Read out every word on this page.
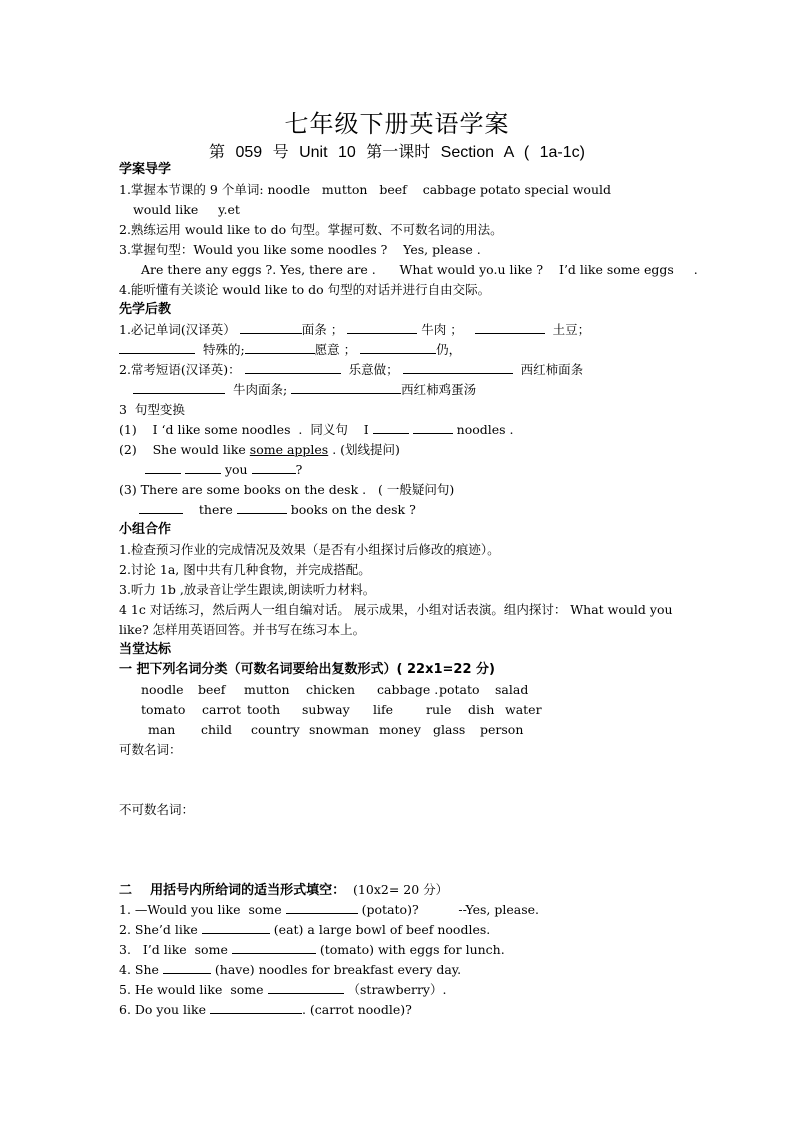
七年级下册英语学案
第 059 号 Unit 10 第一课时 Section A ( 1a-1c)
学案导学
1.掌握本节课的 9 个单词: noodle   mutton   beef    cabbage potato special would
would like     y.et
2.熟练运用 would like to do 句型。掌握可数、不可数名词的用法。
3.掌握句型：Would you like some noodles ?    Yes, please .
Are there any eggs ?. Yes, there are .      What would yo.u like ?    I’d like some eggs     .
4.能听懂有关谈论 would like to do 句型的对话并进行自由交际。
先学后教
1.必记单词(汉译英）	面条 ；	牛肉 ；	土豆；
特殊的;	愿意 ；	仍，
2.常考短语(汉译英)：	乐意做；	西红柿面条
牛肉面条;	西红柿鸡蛋汤
3  句型变换
(1)    I ‘d like some noodles  .  同义句    I	noodles .
(2)    She would like some apples . (划线提问)
you	?
(3) There are some books on the desk .   ( 一般疑问句)
there	books on the desk ?
小组合作
1.检查预习作业的完成情况及效果（是否有小组探讨后修改的痕迹）。
2.讨论 1a, 图中共有几种食物，并完成搭配。
3.听力 1b ,放录音让学生跟读,朗读听力材料。
4 1c 对话练习，然后两人一组自编对话。 展示成果，小组对话表演。组内探讨： What would you like? 怎样用英语回答。并书写在练习本上。
当堂达标
一 把下列名词分类（可数名词要给出复数形式）( 22x1=22 分)
noodle beef mutton chicken cabbage .potato salad
tomato carrot tooth subway life	rule dish water
man child country snowman money glass person
可数名词：
不可数名词：
二    用括号内所给词的适当形式填空：  (10x2= 20 分）
1. —Would you like  some	(potato)?          --Yes, please.
2. She’d like	(eat) a large bowl of beef noodles.
3.   I’d like  some	(tomato) with eggs for lunch.
4. She	(have) noodles for breakfast every day.
5. He would like  some	（strawberry）.
6. Do you like	. (carrot noodle)?
